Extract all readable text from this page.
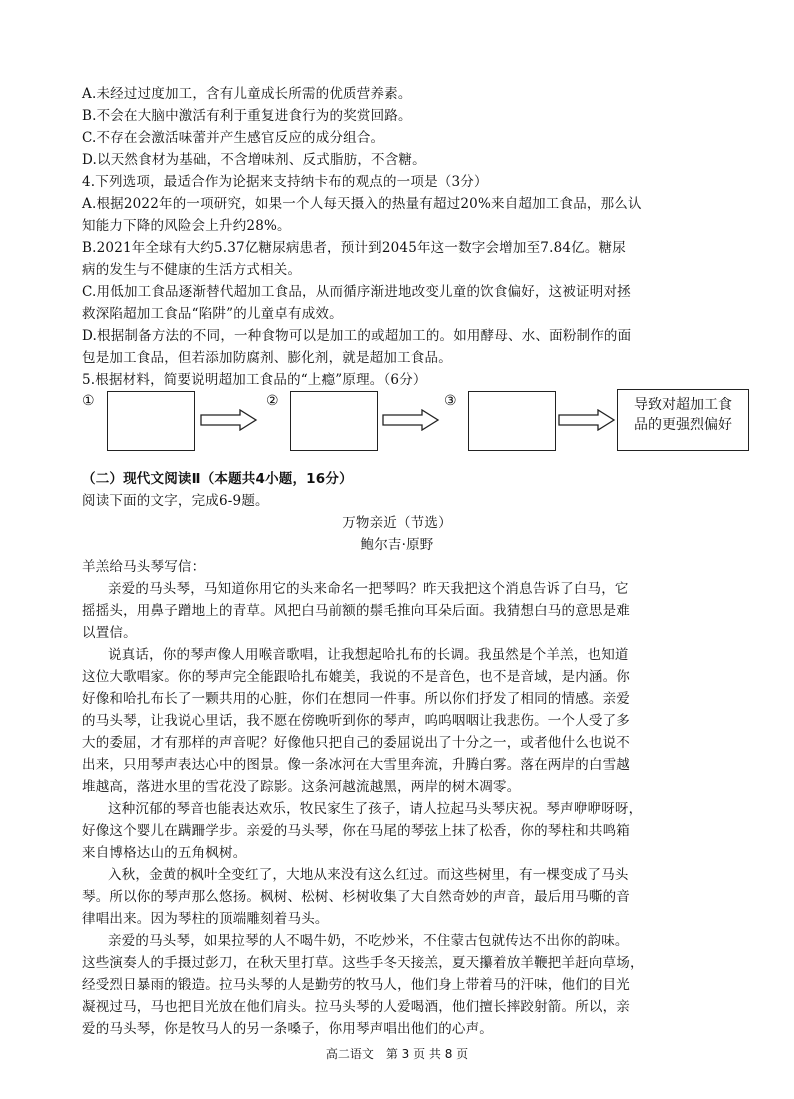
A.未经过过度加工，含有儿童成长所需的优质营养素。
B.不会在大脑中激活有利于重复进食行为的奖赏回路。
C.不存在会激活味蕾并产生感官反应的成分组合。
D.以天然食材为基础，不含增味剂、反式脂肪，不含糖。
4.下列选项，最适合作为论据来支持纳卡布的观点的一项是（3分）
A.根据2022年的一项研究，如果一个人每天摄入的热量有超过20%来自超加工食品，那么认
知能力下降的风险会上升约28%。
B.2021年全球有大约5.37亿糖尿病患者，预计到2045年这一数字会增加至7.84亿。糖尿
病的发生与不健康的生活方式相关。
C.用低加工食品逐渐替代超加工食品，从而循序渐进地改变儿童的饮食偏好，这被证明对拯
救深陷超加工食品“陷阱”的儿童卓有成效。
D.根据制备方法的不同，一种食物可以是加工的或超加工的。如用酵母、水、面粉制作的面
包是加工食品，但若添加防腐剂、膨化剂，就是超加工食品。
5.根据材料，简要说明超加工食品的“上瘾”原理。（6分）
①	②	③	导致对超加工食
品的更强烈偏好
（二）现代文阅读Ⅱ（本题共4小题，16分）
阅读下面的文字，完成6-9题。
万物亲近（节选）
鲍尔吉·原野
羊羔给马头琴写信：
亲爱的马头琴，马知道你用它的头来命名一把琴吗？昨天我把这个消息告诉了白马，它
摇摇头，用鼻子蹭地上的青草。风把白马前额的鬃毛推向耳朵后面。我猜想白马的意思是难
以置信。
说真话，你的琴声像人用喉音歌唱，让我想起哈扎布的长调。我虽然是个羊羔，也知道
这位大歌唱家。你的琴声完全能跟哈扎布媲美，我说的不是音色，也不是音域，是内涵。你
好像和哈扎布长了一颗共用的心脏，你们在想同一件事。所以你们抒发了相同的情感。亲爱
的马头琴，让我说心里话，我不愿在傍晚听到你的琴声，呜呜咽咽让我悲伤。一个人受了多
大的委屈，才有那样的声音呢？好像他只把自己的委屈说出了十分之一，或者他什么也说不
出来，只用琴声表达心中的图景。像一条冰河在大雪里奔流，升腾白雾。落在两岸的白雪越
堆越高，落进水里的雪花没了踪影。这条河越流越黑，两岸的树木凋零。
这种沉郁的琴音也能表达欢乐，牧民家生了孩子，请人拉起马头琴庆祝。琴声咿咿呀呀，
好像这个婴儿在蹒跚学步。亲爱的马头琴，你在马尾的琴弦上抹了松香，你的琴柱和共鸣箱
来自博格达山的五角枫树。
入秋，金黄的枫叶全变红了，大地从来没有这么红过。而这些树里，有一棵变成了马头
琴。所以你的琴声那么悠扬。枫树、松树、杉树收集了大自然奇妙的声音，最后用马嘶的音
律唱出来。因为琴柱的顶端雕刻着马头。
亲爱的马头琴，如果拉琴的人不喝牛奶，不吃炒米，不住蒙古包就传达不出你的韵味。
这些演奏人的手摄过彭刀，在秋天里打草。这些手冬天接羔，夏天攥着放羊鞭把羊赶向草场，
经受烈日暴雨的锻造。拉马头琴的人是勤劳的牧马人，他们身上带着马的汗味，他们的目光
凝视过马，马也把目光放在他们肩头。拉马头琴的人爱喝酒，他们擅长摔跤射箭。所以，亲
爱的马头琴，你是牧马人的另一条嗓子，你用琴声唱出他们的心声。
高二语文　第 3 页 共 8 页
